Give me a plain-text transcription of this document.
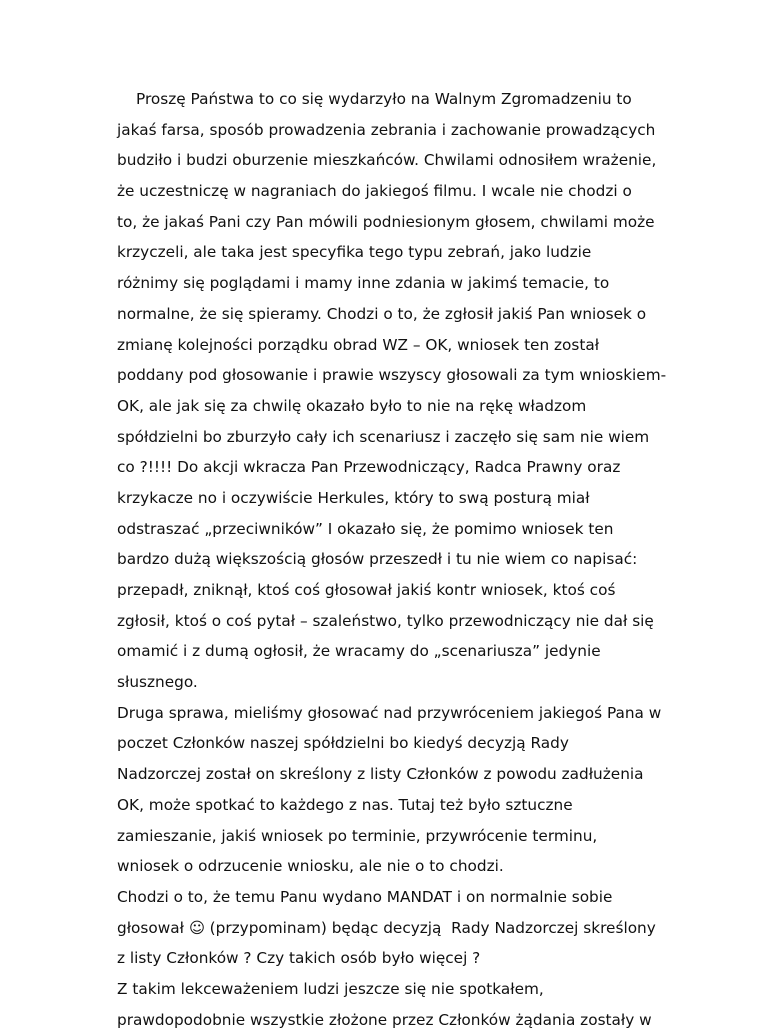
Proszę Państwa to co się wydarzyło na Walnym Zgromadzeniu to
jakaś farsa, sposób prowadzenia zebrania i zachowanie prowadzących
budziło i budzi oburzenie mieszkańców. Chwilami odnosiłem wrażenie,
że uczestniczę w nagraniach do jakiegoś filmu. I wcale nie chodzi o
to, że jakaś Pani czy Pan mówili podniesionym głosem, chwilami może
krzyczeli, ale taka jest specyfika tego typu zebrań, jako ludzie
różnimy się poglądami i mamy inne zdania w jakimś temacie, to
normalne, że się spieramy. Chodzi o to, że zgłosił jakiś Pan wniosek o
zmianę kolejności porządku obrad WZ – OK, wniosek ten został
poddany pod głosowanie i prawie wszyscy głosowali za tym wnioskiem-
OK, ale jak się za chwilę okazało było to nie na rękę władzom
spółdzielni bo zburzyło cały ich scenariusz i zaczęło się sam nie wiem
co ?!!!! Do akcji wkracza Pan Przewodniczący, Radca Prawny oraz
krzykacze no i oczywiście Herkules, który to swą posturą miał
odstraszać „przeciwników” I okazało się, że pomimo wniosek ten
bardzo dużą większością głosów przeszedł i tu nie wiem co napisać:
przepadł, zniknął, ktoś coś głosował jakiś kontr wniosek, ktoś coś
zgłosił, ktoś o coś pytał – szaleństwo, tylko przewodniczący nie dał się
omamić i z dumą ogłosił, że wracamy do „scenariusza” jedynie
słusznego.
Druga sprawa, mieliśmy głosować nad przywróceniem jakiegoś Pana w
poczet Członków naszej spółdzielni bo kiedyś decyzją Rady
Nadzorczej został on skreślony z listy Członków z powodu zadłużenia
OK, może spotkać to każdego z nas. Tutaj też było sztuczne
zamieszanie, jakiś wniosek po terminie, przywrócenie terminu,
wniosek o odrzucenie wniosku, ale nie o to chodzi.
Chodzi o to, że temu Panu wydano MANDAT i on normalnie sobie
głosował ☺ (przypominam) będąc decyzją  Rady Nadzorczej skreślony
z listy Członków ? Czy takich osób było więcej ?
Z takim lekceważeniem ludzi jeszcze się nie spotkałem,
prawdopodobnie wszystkie złożone przez Członków żądania zostały w
